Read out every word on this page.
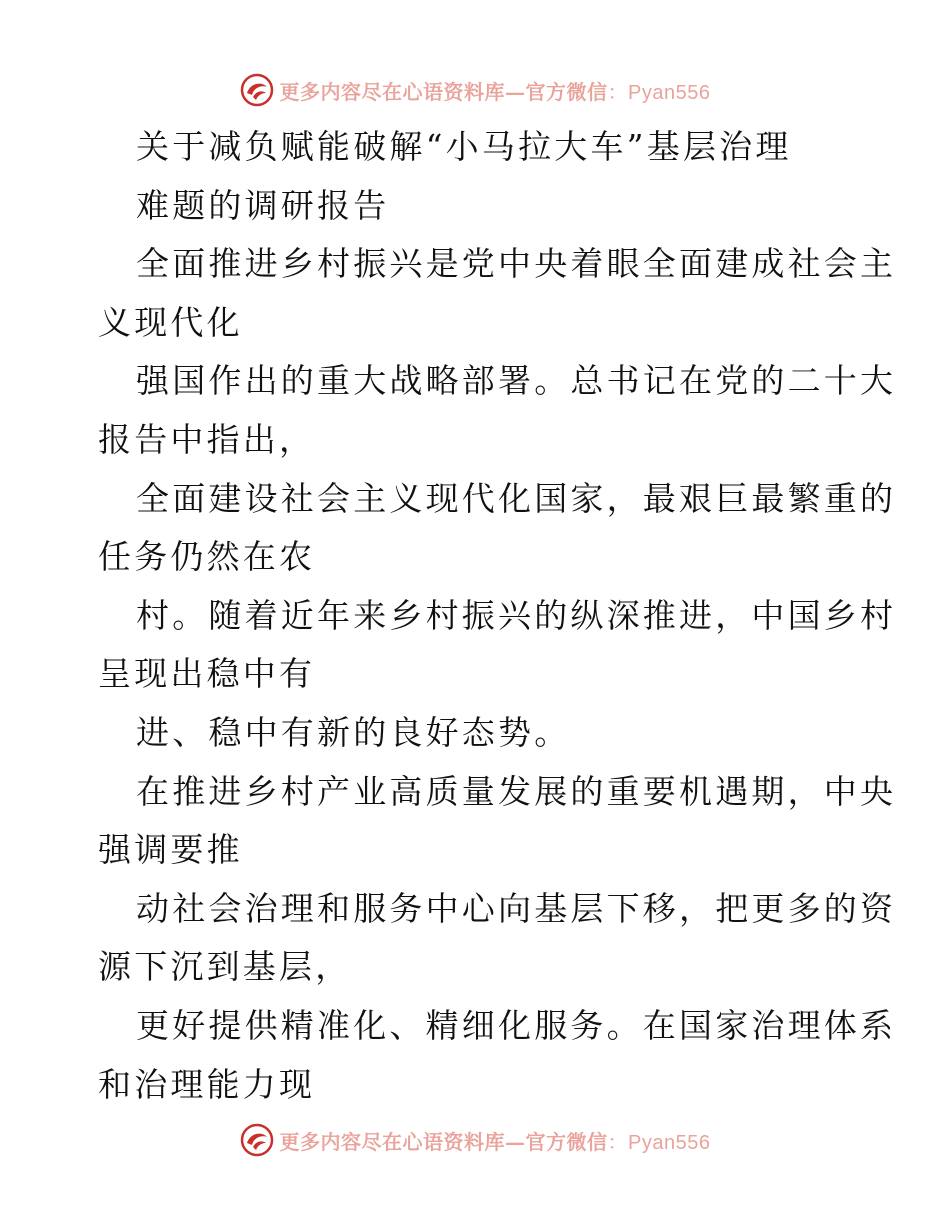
更多内容尽在心语资料库—官方微信：Pyan556
关于减负赋能破解“小马拉大车”基层治理
难题的调研报告
全面推进乡村振兴是党中央着眼全面建成社会主
义现代化
强国作出的重大战略部署。总书记在党的二十大
报告中指出，
全面建设社会主义现代化国家，最艰巨最繁重的
任务仍然在农
村。随着近年来乡村振兴的纵深推进，中国乡村
呈现出稳中有
进、稳中有新的良好态势。
在推进乡村产业高质量发展的重要机遇期，中央
强调要推
动社会治理和服务中心向基层下移，把更多的资
源下沉到基层，
更好提供精准化、精细化服务。在国家治理体系
和治理能力现
更多内容尽在心语资料库—官方微信：Pyan556
